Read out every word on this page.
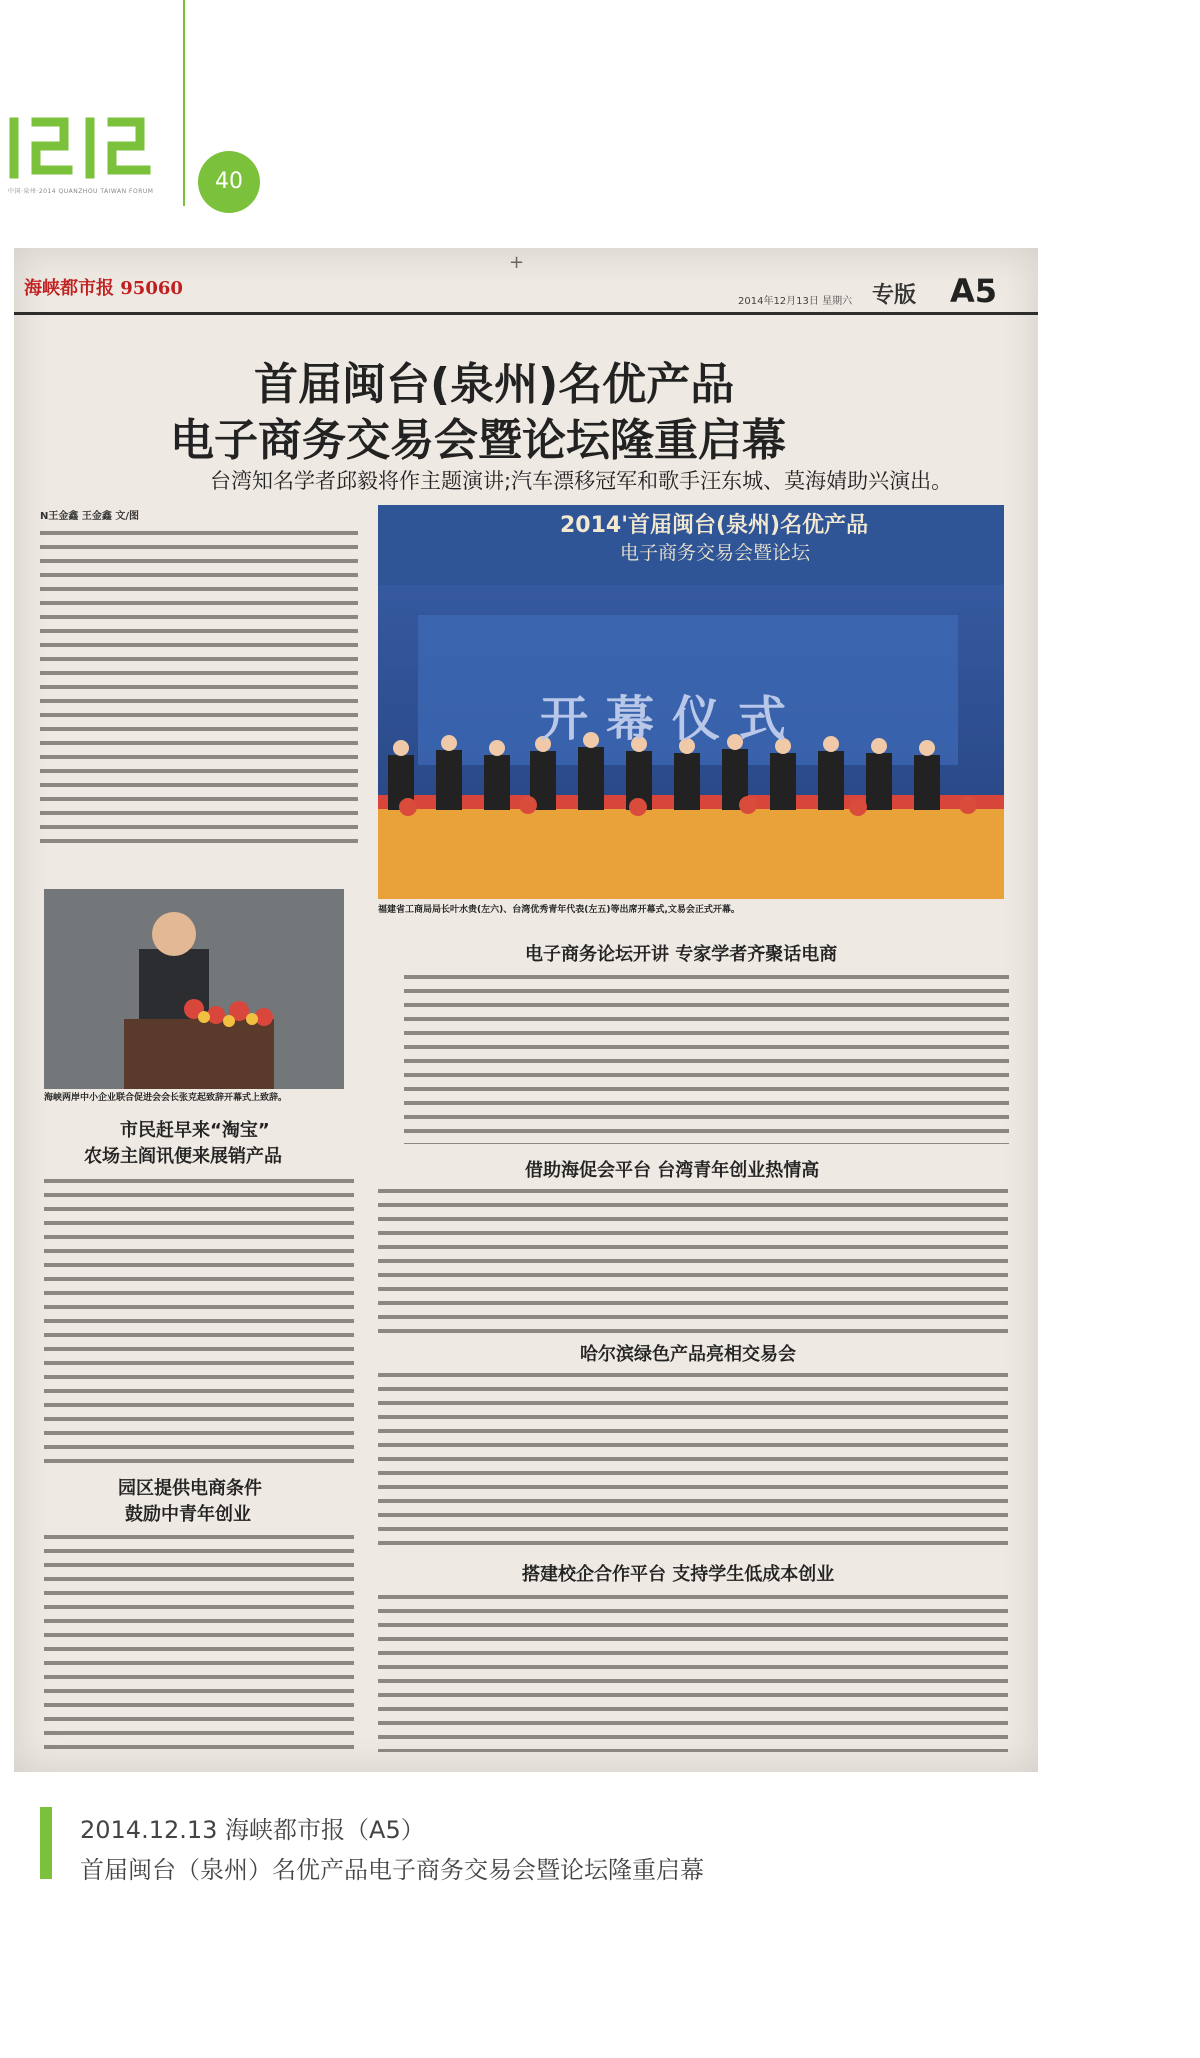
中国·泉州·2014 QUANZHOU TAIWAN FORUM	40
+
海峡都市报 95060
2014年12月13日 星期六 专版 A5
首届闽台(泉州)名优产品
电子商务交易会暨论坛隆重启幕
台湾知名学者邱毅将作主题演讲;汽车漂移冠军和歌手汪东城、莫海婧助兴演出。
N王金鑫 王金鑫 文/图	2014'首届闽台(泉州)名优产品
电子商务交易会暨论坛
开幕仪式
福建省工商局局长叶水贵(左六)、台湾优秀青年代表(左五)等出席开幕式,文易会正式开幕。
海峡两岸中小企业联合促进会会长张克起致辞开幕式上致辞。
电子商务论坛开讲 专家学者齐聚话电商
市民赶早来“淘宝”
农场主阎讯便来展销产品
借助海促会平台 台湾青年创业热情高
哈尔滨绿色产品亮相交易会
园区提供电商条件
鼓励中青年创业
搭建校企合作平台 支持学生低成本创业
2014.12.13 海峡都市报（A5）
首届闽台（泉州）名优产品电子商务交易会暨论坛隆重启幕
